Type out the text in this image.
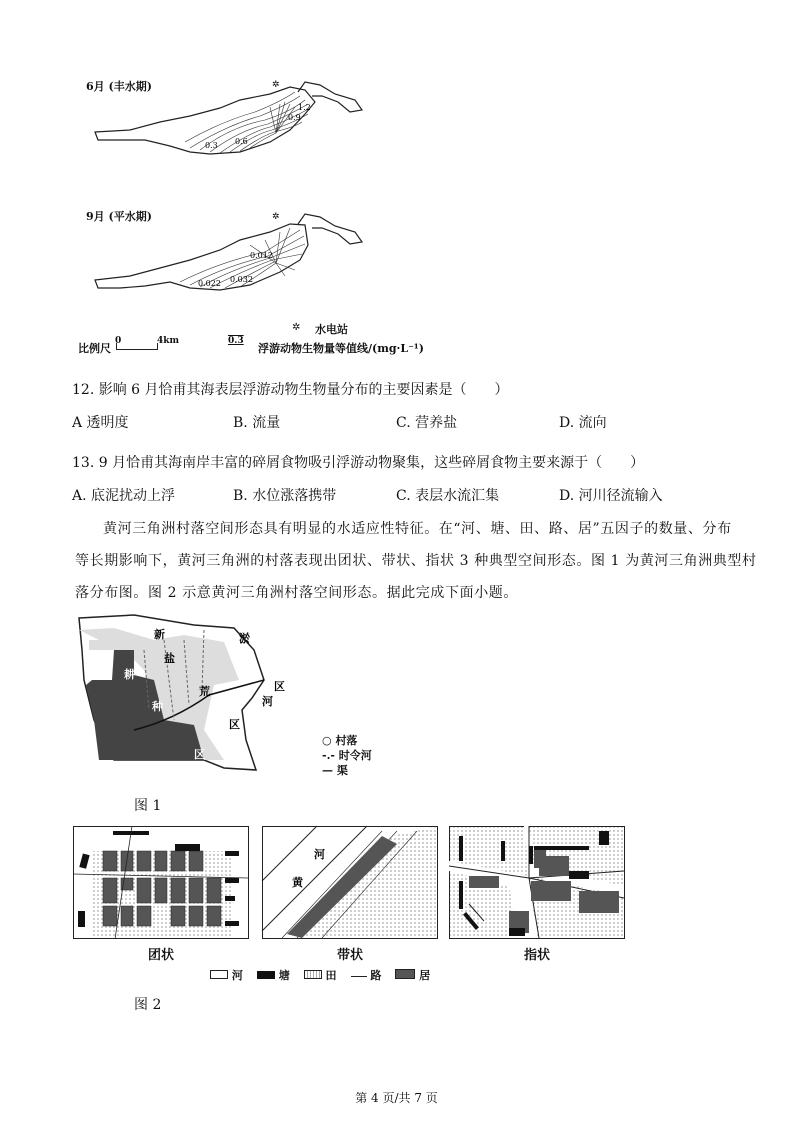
6月 (丰水期)	✲
0.3 0.6
0.9
1.2
9月 (平水期)	✲
0.012
0.022 0.032
✲ 水电站
比例尺
0	4km	0.3
浮游动物生物量等值线/(mg·L⁻¹)
12. 影响 6 月恰甫其海表层浮游动物生物量分布的主要因素是（　　）
A 透明度	B. 流量	C. 营养盐	D. 流向
13. 9 月恰甫其海南岸丰富的碎屑食物吸引浮游动物聚集，这些碎屑食物主要来源于（　　）
A. 底泥扰动上浮	B. 水位涨落携带	C. 表层水流汇集	D. 河川径流输入
黄河三角洲村落空间形态具有明显的水适应性特征。在“河、塘、田、路、居”五因子的数量、分布
等长期影响下，黄河三角洲的村落表现出团状、带状、指状 3 种典型空间形态。图 1 为黄河三角洲典型村
落分布图。图 2 示意黄河三角洲村落空间形态。据此完成下面小题。
新
盐
淤
荒	区
河
区
耕
种
区
○ 村落
-.- 时令河
— 渠
图 1
河
黄
团状	带状	指状
河	塘	田	路	居
图 2
第 4 页/共 7 页
